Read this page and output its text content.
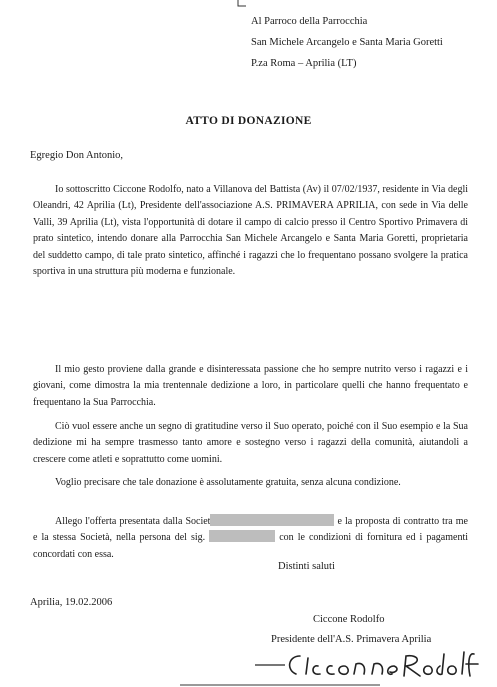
Al Parroco della Parrocchia
San Michele Arcangelo e Santa Maria Goretti
P.za Roma – Aprilia (LT)
ATTO DI DONAZIONE
Egregio Don Antonio,
Io sottoscritto Ciccone Rodolfo, nato a Villanova del Battista (Av) il 07/02/1937, residente in Via degli Oleandri, 42 Aprilia (Lt), Presidente dell'associazione A.S. PRIMAVERA APRILIA, con sede in Via delle Valli, 39 Aprilia (Lt), vista l'opportunità di dotare il campo di calcio presso il Centro Sportivo Primavera di prato sintetico, intendo donare alla Parrocchia San Michele Arcangelo e Santa Maria Goretti, proprietaria del suddetto campo, di tale prato sintetico, affinché i ragazzi che lo frequentano possano svolgere la pratica sportiva in una struttura più moderna e funzionale.
Il mio gesto proviene dalla grande e disinteressata passione che ho sempre nutrito verso i ragazzi e i giovani, come dimostra la mia trentennale dedizione a loro, in particolare quelli che hanno frequentato e frequentano la Sua Parrocchia.
Ciò vuol essere anche un segno di gratitudine verso il Suo operato, poiché con il Suo esempio e la Sua dedizione mi ha sempre trasmesso tanto amore e sostegno verso i ragazzi della comunità, aiutandoli a crescere come atleti e soprattutto come uomini.
Voglio precisare che tale donazione è assolutamente gratuita, senza alcuna condizione.
Allego l'offerta presentata dalla Societ	e la proposta di contratto tra me e la stessa Società, nella persona del sig.	con le condizioni di fornitura ed i pagamenti concordati con essa.
Distinti saluti
Aprilia, 19.02.2006
Ciccone Rodolfo
Presidente dell'A.S. Primavera Aprilia
